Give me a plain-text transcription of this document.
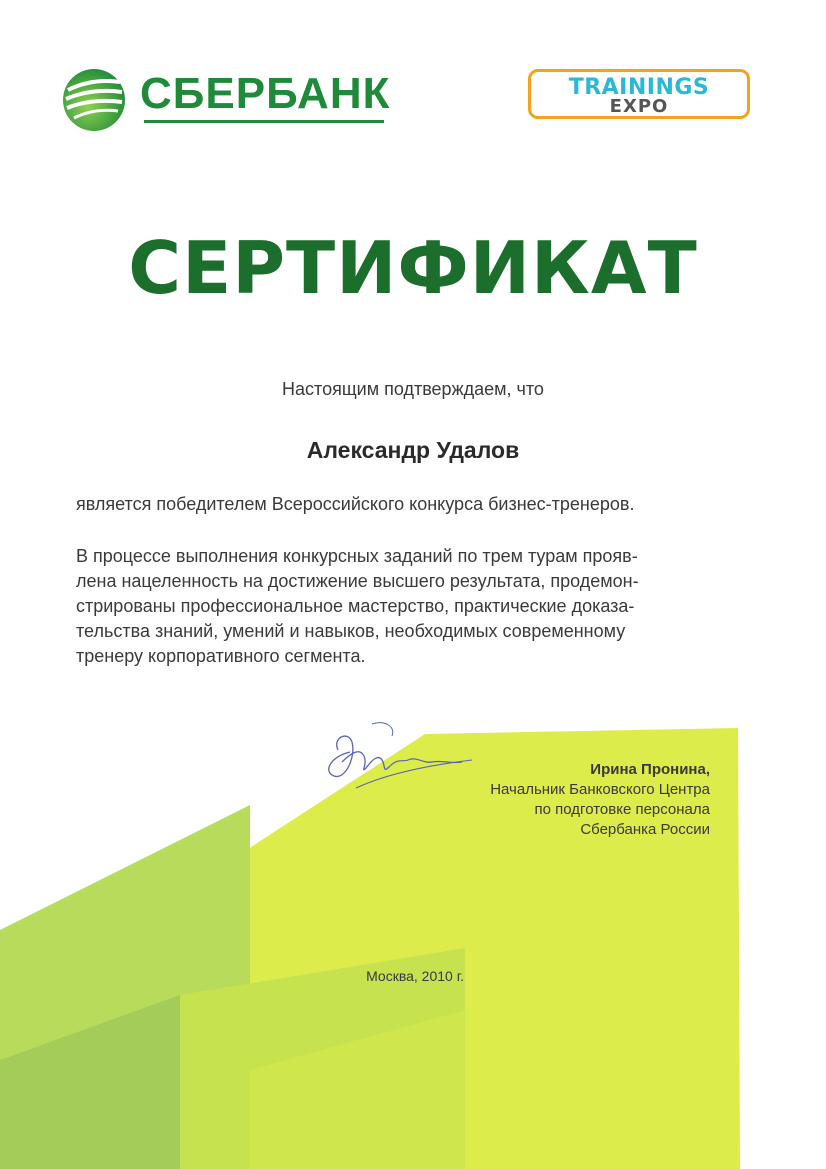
СБЕРБАНК	TRAININGS
EXPO
СЕРТИФИКАТ
Настоящим подтверждаем, что
Александр Удалов
является победителем Всероссийского конкурса бизнес-тренеров.
В процессе выполнения конкурсных заданий по трем турам прояв-
лена нацеленность на достижение высшего результата, продемон-
стрированы профессиональное мастерство, практические доказа-
тельства знаний, умений и навыков, необходимых современному
тренеру корпоративного сегмента.
Ирина Пронина,
Начальник Банковского Центра
по подготовке персонала
Сбербанка России
Москва, 2010 г.
